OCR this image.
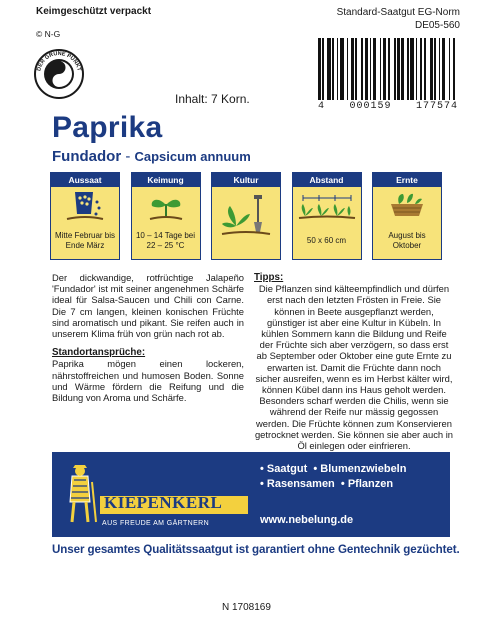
Keimgeschützt verpackt
© N-G
DER GRÜNE PUNKT
Standard-Saatgut EG-Norm
DE05-560
4 000159 177574
Inhalt: 7 Korn.
Paprika
Fundador - Capsicum annuum
Aussaat
Mitte Februar bis Ende März
Keimung
10 – 14 Tage bei 22 – 25 °C
Kultur	Abstand
50 x 60 cm
Ernte
August bis Oktober

Der dickwandige, rotfrüchtige Jalapeño 'Fundador' ist mit seiner angenehmen Schärfe ideal für Salsa-Saucen und Chili con Carne. Die 7 cm langen, kleinen konischen Früchte sind aromatisch und pikant. Sie reifen auch in unserem Klima früh von grün nach rot ab.

Standortansprüche:

Paprika mögen einen lockeren, nährstoffreichen und humosen Boden. Sonne und Wärme fördern die Reifung und die Bildung von Aroma und Schärfe.

Tipps:

Die Pflanzen sind kälteempfindlich und dürfen erst nach den letzten Frösten in Freie. Sie können in Beete ausgepflanzt werden, günstiger ist aber eine Kultur in Kübeln. In kühlen Sommern kann die Bildung und Reife der Früchte sich aber verzögern, so dass erst ab September oder Oktober eine gute Ernte zu erwarten ist. Damit die Früchte dann noch sicher ausreifen, wenn es im Herbst kälter wird, können Kübel dann ins Haus geholt werden. Besonders scharf werden die Chilis, wenn sie während der Reife nur mässig gegossen werden. Die Früchte können zum Konservieren getrocknet werden. Sie können sie aber auch in Öl einlegen oder einfrieren.

KIEPENKERL
AUS FREUDE AM GÄRTNERN
• Saatgut • Blumenzwiebeln
• Rasensamen • Pflanzen
www.nebelung.de
Unser gesamtes Qualitätssaatgut ist garantiert ohne Gentechnik gezüchtet.
N 1708169
